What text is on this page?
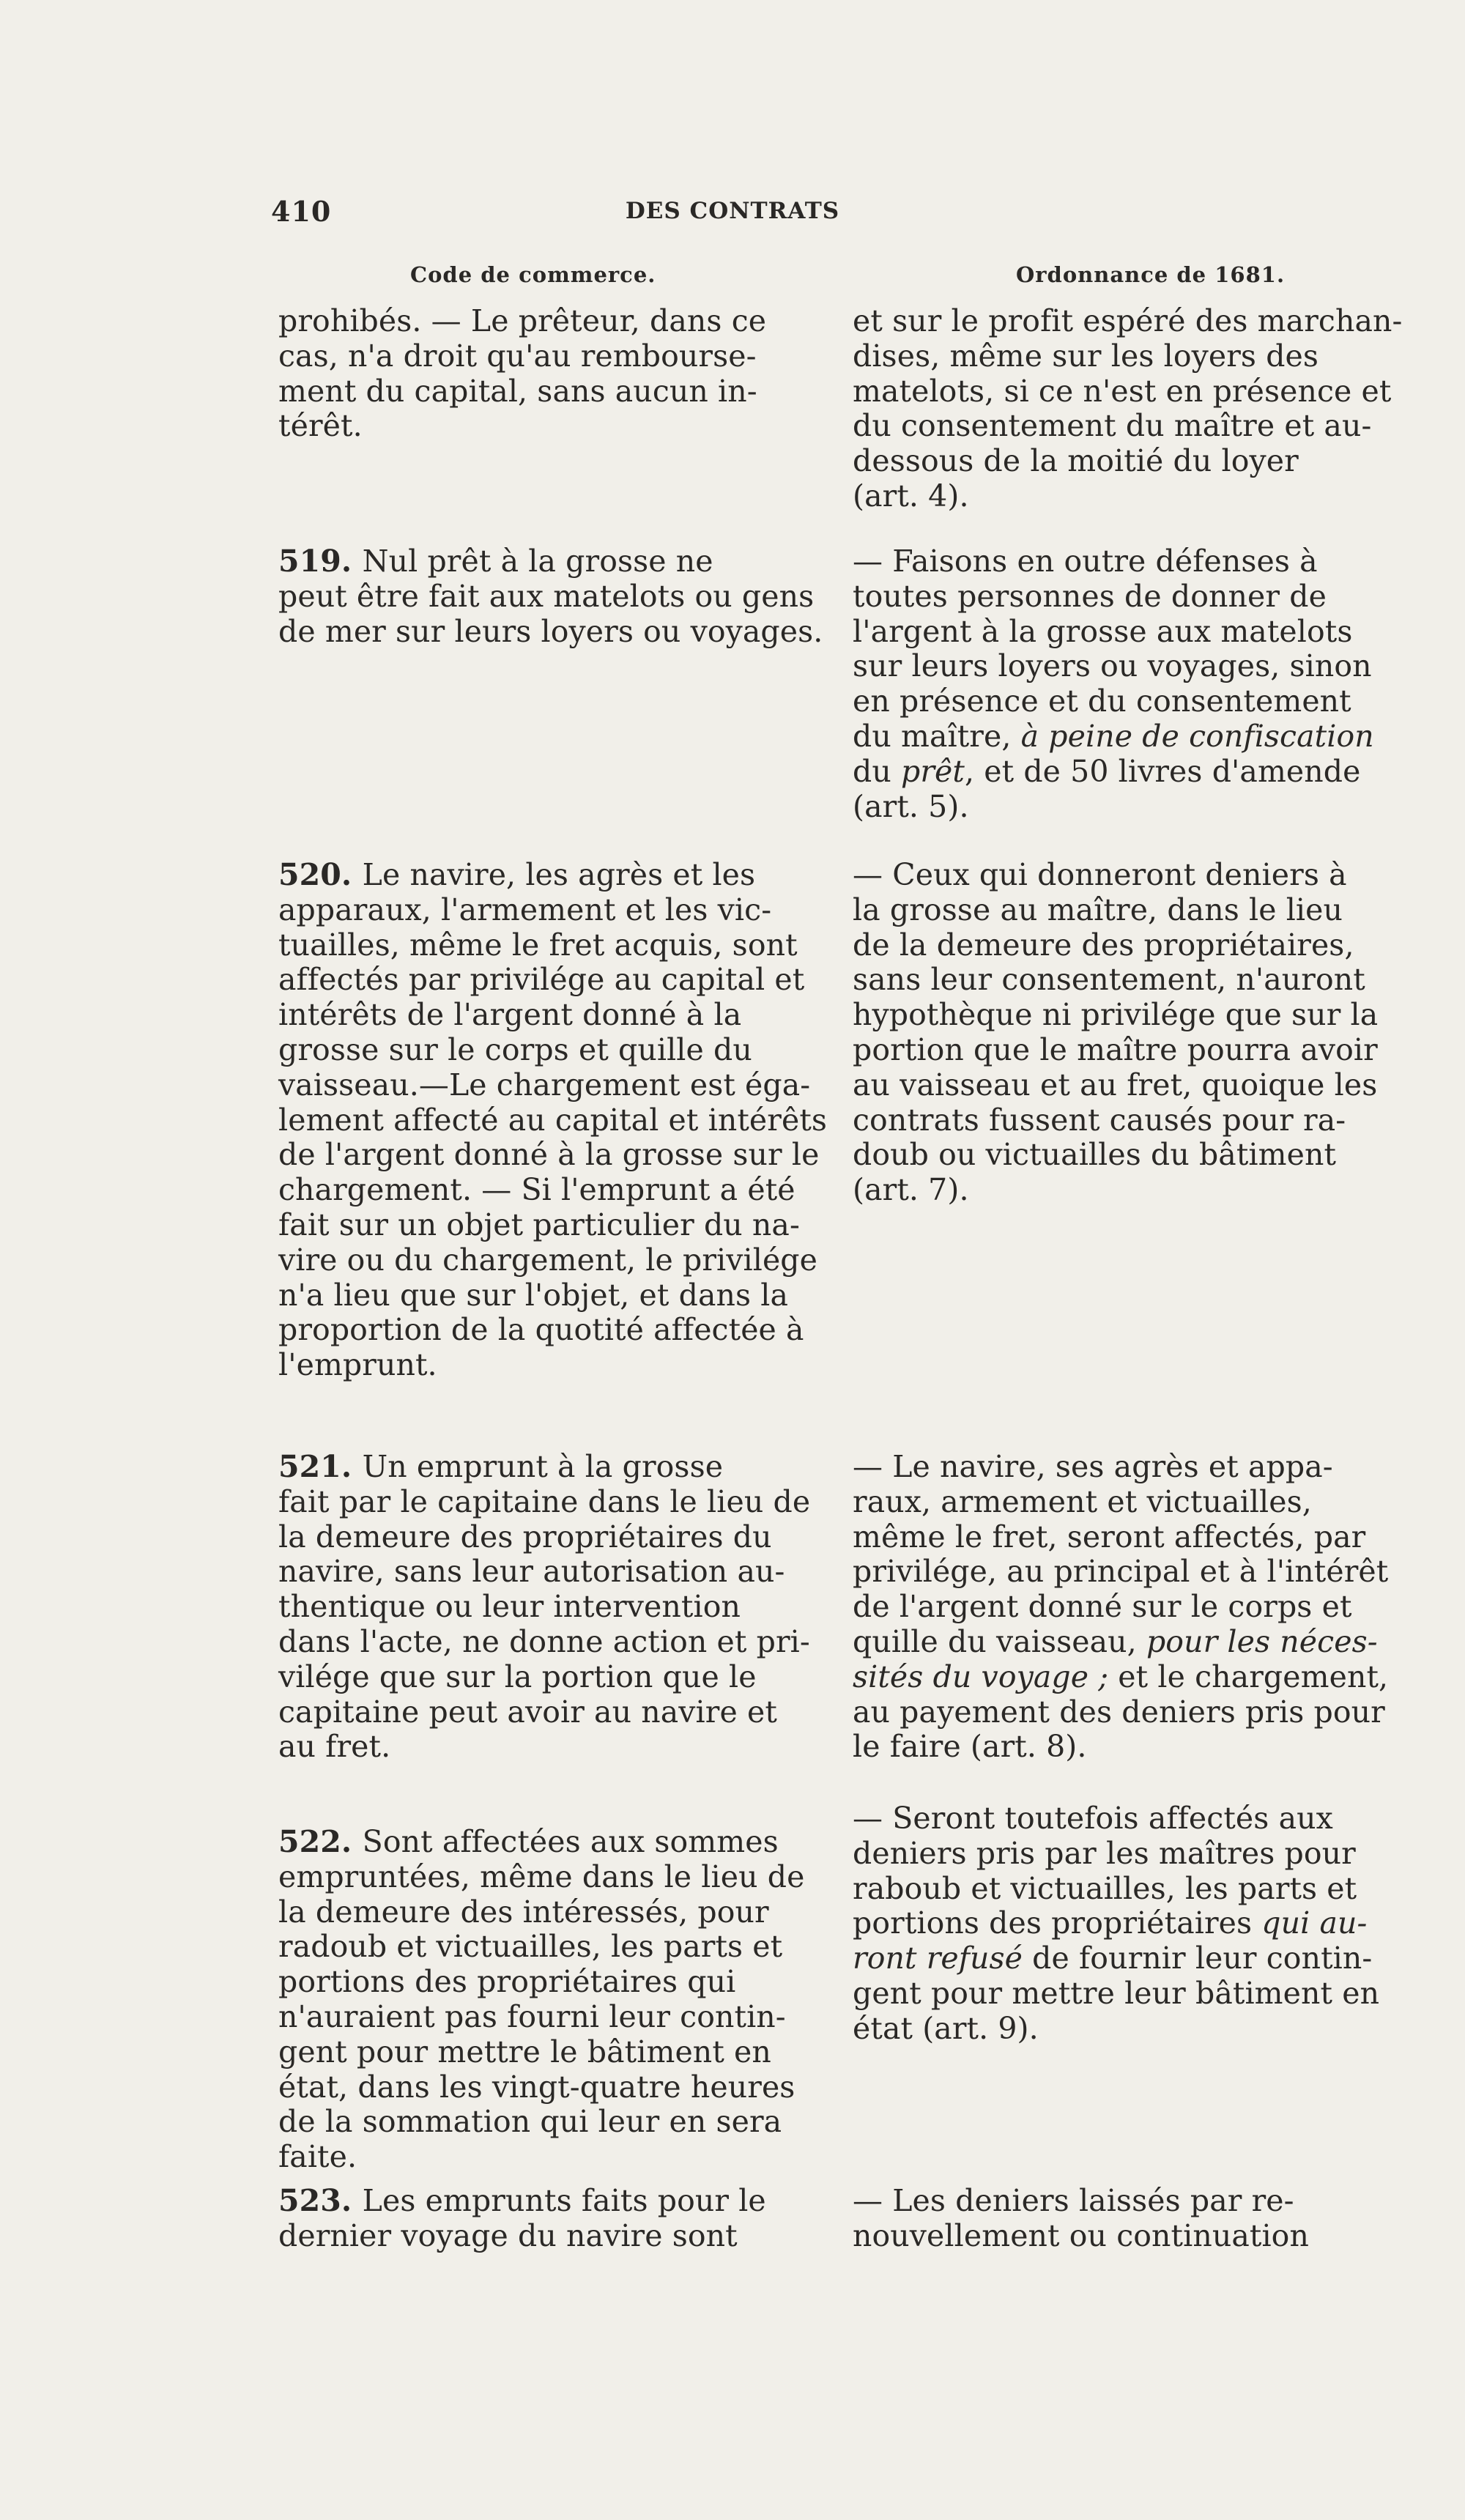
410	DES CONTRATS
Code de commerce.	Ordonnance de 1681.
prohibés. — Le prêteur, dans ce
cas, n'a droit qu'au rembourse-
ment du capital, sans aucun in-
térêt.
519. Nul prêt à la grosse ne
peut être fait aux matelots ou gens
de mer sur leurs loyers ou voyages.
520. Le navire, les agrès et les
apparaux, l'armement et les vic-
tuailles, même le fret acquis, sont
affectés par privilége au capital et
intérêts de l'argent donné à la
grosse sur le corps et quille du
vaisseau.—Le chargement est éga-
lement affecté au capital et intérêts
de l'argent donné à la grosse sur le
chargement. — Si l'emprunt a été
fait sur un objet particulier du na-
vire ou du chargement, le privilége
n'a lieu que sur l'objet, et dans la
proportion de la quotité affectée à
l'emprunt.
521. Un emprunt à la grosse
fait par le capitaine dans le lieu de
la demeure des propriétaires du
navire, sans leur autorisation au-
thentique ou leur intervention
dans l'acte, ne donne action et pri-
vilége que sur la portion que le
capitaine peut avoir au navire et
au fret.
522. Sont affectées aux sommes
empruntées, même dans le lieu de
la demeure des intéressés, pour
radoub et victuailles, les parts et
portions des propriétaires qui
n'auraient pas fourni leur contin-
gent pour mettre le bâtiment en
état, dans les vingt-quatre heures
de la sommation qui leur en sera
faite.
523. Les emprunts faits pour le
dernier voyage du navire sont
et sur le profit espéré des marchan-
dises, même sur les loyers des
matelots, si ce n'est en présence et
du consentement du maître et au-
dessous de la moitié du loyer
(art. 4).
— Faisons en outre défenses à
toutes personnes de donner de
l'argent à la grosse aux matelots
sur leurs loyers ou voyages, sinon
en présence et du consentement
du maître, à peine de confiscation
du prêt, et de 50 livres d'amende
(art. 5).
— Ceux qui donneront deniers à
la grosse au maître, dans le lieu
de la demeure des propriétaires,
sans leur consentement, n'auront
hypothèque ni privilége que sur la
portion que le maître pourra avoir
au vaisseau et au fret, quoique les
contrats fussent causés pour ra-
doub ou victuailles du bâtiment
(art. 7).
— Le navire, ses agrès et appa-
raux, armement et victuailles,
même le fret, seront affectés, par
privilége, au principal et à l'intérêt
de l'argent donné sur le corps et
quille du vaisseau, pour les néces-
sités du voyage ; et le chargement,
au payement des deniers pris pour
le faire (art. 8).
— Seront toutefois affectés aux
deniers pris par les maîtres pour
raboub et victuailles, les parts et
portions des propriétaires qui au-
ront refusé de fournir leur contin-
gent pour mettre leur bâtiment en
état (art. 9).
— Les deniers laissés par re-
nouvellement ou continuation
